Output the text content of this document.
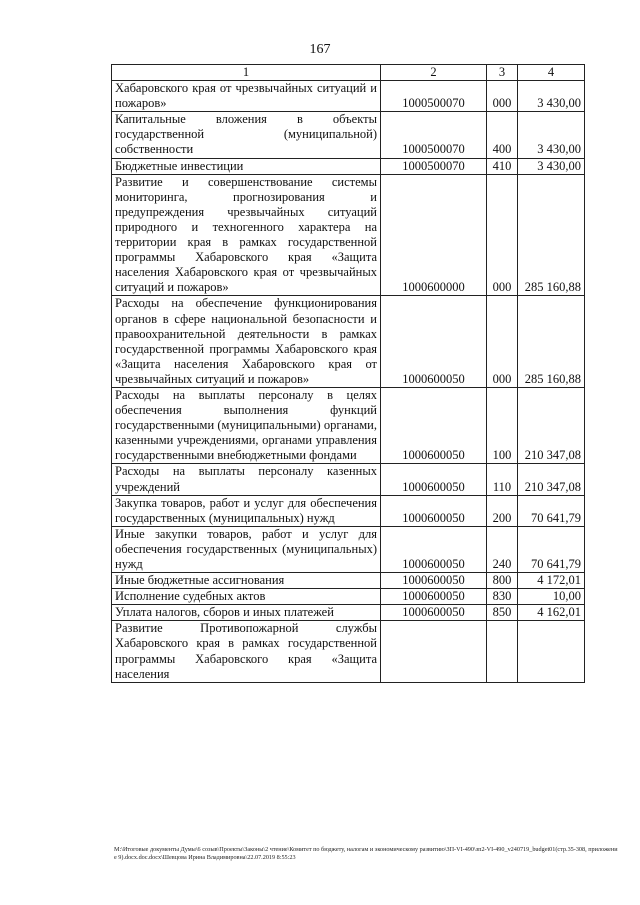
167
1	2	3	4
Хабаровского края от чрезвычайных ситуаций и пожаров»	1000500070	000	3 430,00
Капитальные вложения в объекты государственной (муниципальной) собственности	1000500070	400	3 430,00
Бюджетные инвестиции	1000500070	410	3 430,00
Развитие и совершенствование системы мониторинга, прогнозирования и предупреждения чрезвычайных ситуаций природного и техногенного характера на территории края в рамках государственной программы Хабаровского края «Защита населения Хабаровского края от чрезвычайных ситуаций и пожаров»	1000600000	000	285 160,88
Расходы на обеспечение функционирования органов в сфере национальной безопасности и правоохранительной деятельности в рамках государственной программы Хабаровского края «Защита населения Хабаровского края от чрезвычайных ситуаций и пожаров»	1000600050	000	285 160,88
Расходы на выплаты персоналу в целях обеспечения выполнения функций государственными (муниципальными) органами, казенными учреждениями, органами управления государственными внебюджетными фондами	1000600050	100	210 347,08
Расходы на выплаты персоналу казенных учреждений	1000600050	110	210 347,08
Закупка товаров, работ и услуг для обеспечения государственных (муниципальных) нужд	1000600050	200	70 641,79
Иные закупки товаров, работ и услуг для обеспечения государственных (муниципальных) нужд	1000600050	240	70 641,79
Иные бюджетные ассигнования	1000600050	800	4 172,01
Исполнение судебных актов	1000600050	830	10,00
Уплата налогов, сборов и иных платежей	1000600050	850	4 162,01
Развитие Противопожарной службы Хабаровского края в рамках государственной программы Хабаровского края «Защита населения			
M:\Итоговые документы Думы\6 созыв\Проекты\Законы\2 чтение\Комитет по бюджету, налогам и экономическому развитию\ЗП-VI-490\зп2-VI-490_v240719_budget01(стр.35-308, приложение 9).docx.doc.docx\Шевцова Ирина Владимировна\22.07.2019 8:55:23
